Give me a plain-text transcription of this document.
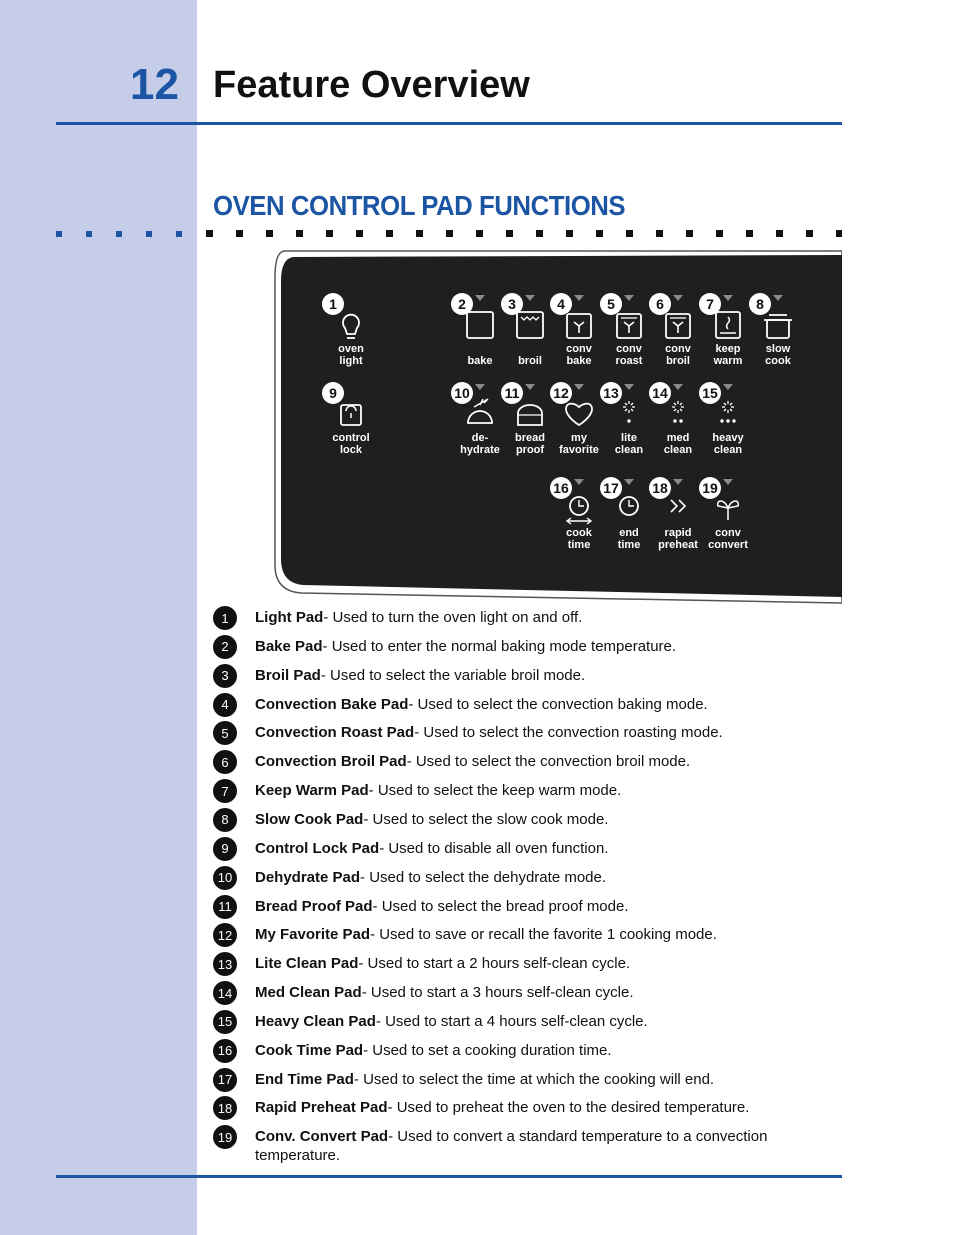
12 Feature Overview
OVEN CONTROL PAD FUNCTIONS
1
oven
light
2
bake
3
broil
4
conv
bake
5
conv
roast
6
conv
broil
7
keep
warm
8
slow
cook
9
control
lock
10
de-
hydrate
11
bread
proof
12
my
favorite
13
lite
clean
14
med
clean
15
heavy
clean
16
cook
time
17
end
time
18
rapid
preheat
19
conv
convert
1	Light Pad- Used to turn the oven light on and off.
2	Bake Pad- Used to enter the normal baking mode temperature.
3	Broil Pad- Used to select the variable broil mode.
4	Convection Bake Pad- Used to select the convection baking mode.
5	Convection Roast Pad- Used to select the convection roasting mode.
6	Convection Broil Pad- Used to select the convection broil mode.
7	Keep Warm Pad- Used to select the keep warm mode.
8	Slow Cook Pad- Used to select the slow cook mode.
9	Control Lock Pad- Used to disable all oven function.
10	Dehydrate Pad- Used to select the dehydrate mode.
11	Bread Proof Pad- Used to select the bread proof mode.
12	My Favorite Pad- Used to save or recall the favorite 1 cooking mode.
13	Lite Clean Pad- Used to start a 2 hours self-clean cycle.
14	Med Clean Pad- Used to start a 3 hours self-clean cycle.
15	Heavy Clean Pad- Used to start a 4 hours self-clean cycle.
16	Cook Time Pad- Used to set a cooking duration time.
17	End Time Pad- Used to select the time at which the cooking will end.
18	Rapid Preheat Pad- Used to preheat the oven to the desired temperature.
19	Conv. Convert Pad- Used to convert a standard temperature to a convection temperature.
